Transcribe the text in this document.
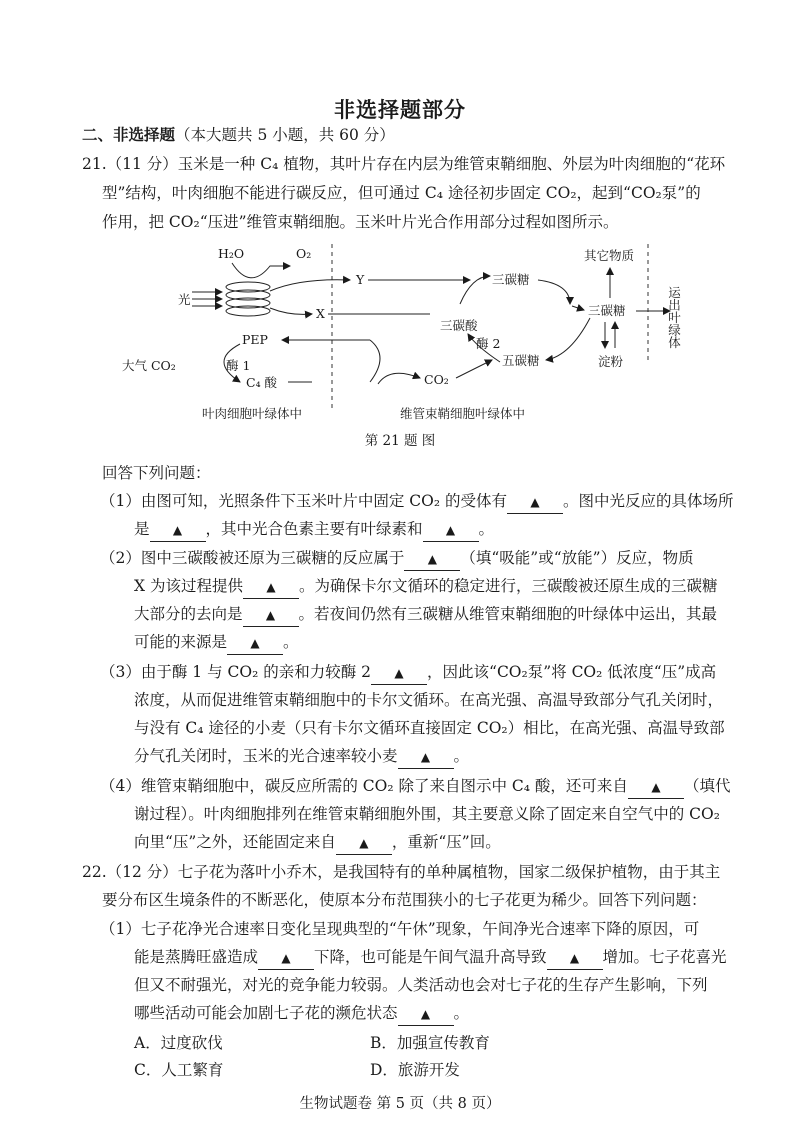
非选择题部分
二、非选择题（本大题共 5 小题，共 60 分）
21.（11 分）玉米是一种 C₄ 植物，其叶片存在内层为维管束鞘细胞、外层为叶肉细胞的“花环
型”结构，叶肉细胞不能进行碳反应，但可通过 C₄ 途径初步固定 CO₂，起到“CO₂泵”的
作用，把 CO₂“压进”维管束鞘细胞。玉米叶片光合作用部分过程如图所示。
H₂O	O₂
光
Y
X
三碳糖
三碳糖
三碳酸
酶 2
五碳糖
其它物质
淀粉
运出叶绿体
PEP
大气 CO₂	酶 1
C₄ 酸	CO₂
叶肉细胞叶绿体中	维管束鞘细胞叶绿体中
第 21 题 图
回答下列问题：
（1）由图可知，光照条件下玉米叶片中固定 CO₂ 的受体有 ▲ 。图中光反应的具体场所
是 ▲ ，其中光合色素主要有叶绿素和 ▲ 。
（2）图中三碳酸被还原为三碳糖的反应属于 ▲ （填“吸能”或“放能”）反应，物质
X 为该过程提供 ▲ 。为确保卡尔文循环的稳定进行，三碳酸被还原生成的三碳糖
大部分的去向是 ▲ 。若夜间仍然有三碳糖从维管束鞘细胞的叶绿体中运出，其最
可能的来源是 ▲ 。
（3）由于酶 1 与 CO₂ 的亲和力较酶 2 ▲ ，因此该“CO₂泵”将 CO₂ 低浓度“压”成高
浓度，从而促进维管束鞘细胞中的卡尔文循环。在高光强、高温导致部分气孔关闭时，
与没有 C₄ 途径的小麦（只有卡尔文循环直接固定 CO₂）相比，在高光强、高温导致部
分气孔关闭时，玉米的光合速率较小麦 ▲ 。
（4）维管束鞘细胞中，碳反应所需的 CO₂ 除了来自图示中 C₄ 酸，还可来自 ▲ （填代
谢过程）。叶肉细胞排列在维管束鞘细胞外围，其主要意义除了固定来自空气中的 CO₂
向里“压”之外，还能固定来自 ▲ ，重新“压”回。
22.（12 分）七子花为落叶小乔木，是我国特有的单种属植物，国家二级保护植物，由于其主
要分布区生境条件的不断恶化，使原本分布范围狭小的七子花更为稀少。回答下列问题：
（1）七子花净光合速率日变化呈现典型的“午休”现象，午间净光合速率下降的原因，可
能是蒸腾旺盛造成 ▲ 下降，也可能是午间气温升高导致 ▲ 增加。七子花喜光
但又不耐强光，对光的竞争能力较弱。人类活动也会对七子花的生存产生影响，下列
哪些活动可能会加剧七子花的濒危状态 ▲ 。
A．过度砍伐	B．加强宣传教育
C．人工繁育	D．旅游开发
生物试题卷 第 5 页（共 8 页）
